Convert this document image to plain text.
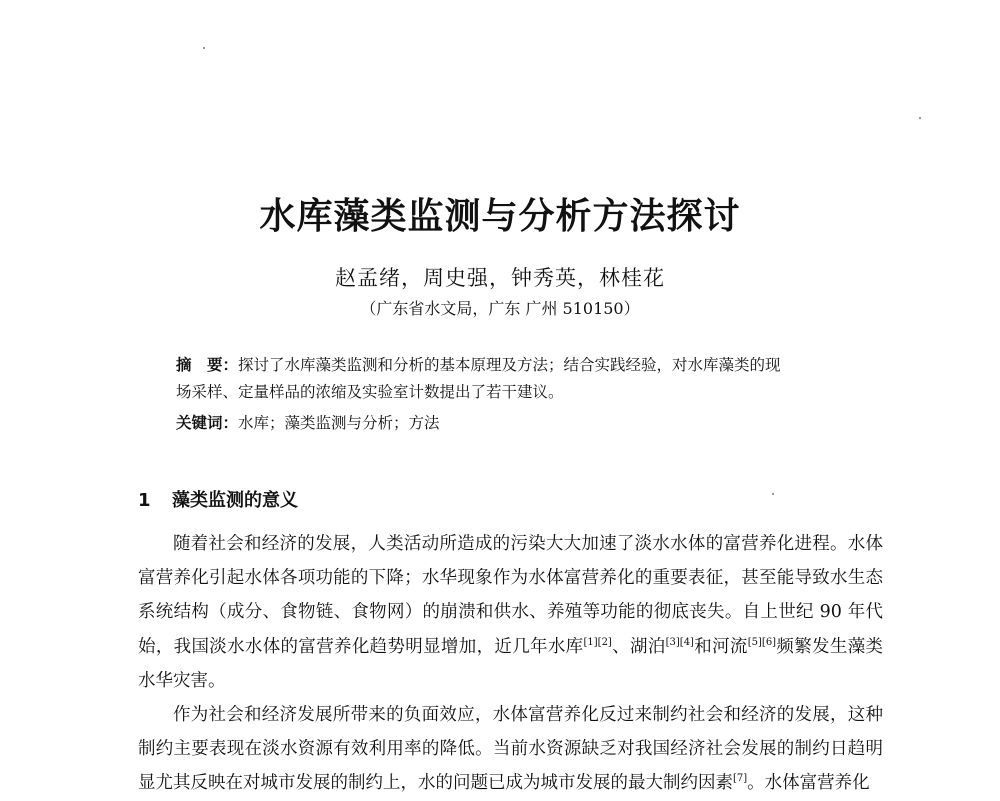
水库藻类监测与分析方法探讨
赵孟绪，周史强，钟秀英，林桂花
（广东省水文局，广东 广州 510150）
摘　要：探讨了水库藻类监测和分析的基本原理及方法；结合实践经验，对水库藻类的现
场采样、定量样品的浓缩及实验室计数提出了若干建议。
关键词：水库；藻类监测与分析；方法
1 藻类监测的意义

随着社会和经济的发展，人类活动所造成的污染大大加速了淡水水体的富营养化进程。水体富营养化引起水体各项功能的下降；水华现象作为水体富营养化的重要表征，甚至能导致水生态系统结构（成分、食物链、食物网）的崩溃和供水、养殖等功能的彻底丧失。自上世纪 90 年代始，我国淡水水体的富营养化趋势明显增加，近几年水库[1][2]、湖泊[3][4]和河流[5][6]频繁发生藻类水华灾害。

作为社会和经济发展所带来的负面效应，水体富营养化反过来制约社会和经济的发展，这种制约主要表现在淡水资源有效利用率的降低。当前水资源缺乏对我国经济社会发展的制约日趋明显尤其反映在对城市发展的制约上，水的问题已成为城市发展的最大制约因素[7]。水体富营养化
